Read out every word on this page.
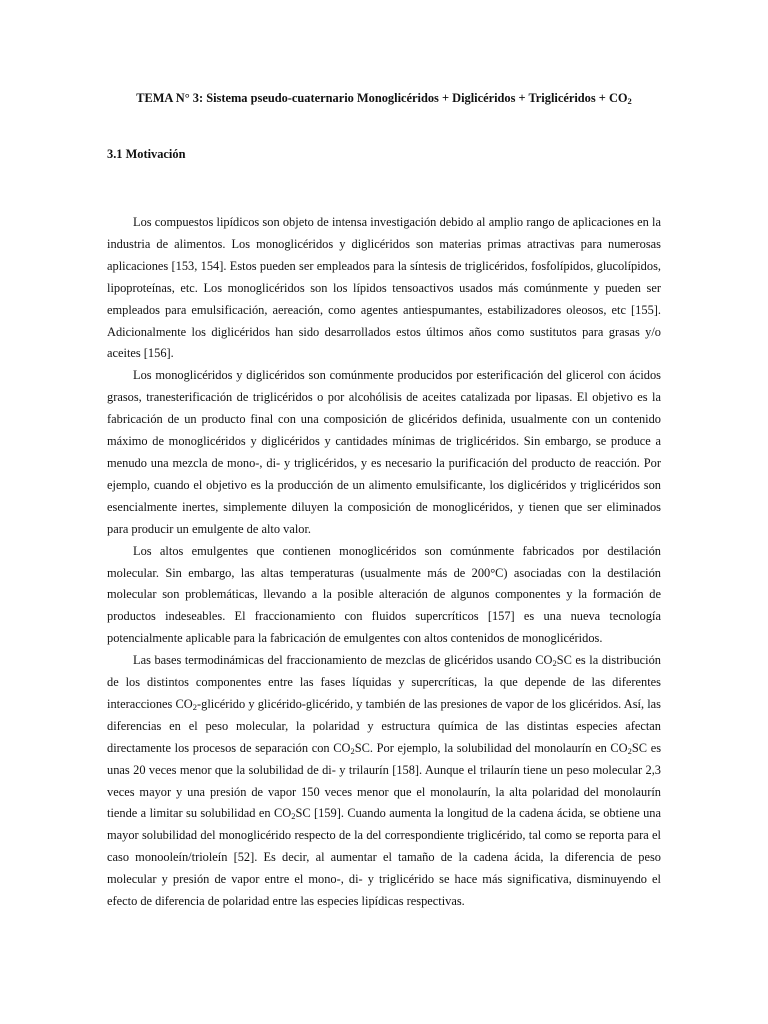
TEMA N° 3: Sistema pseudo-cuaternario Monoglicéridos + Diglicéridos + Triglicéridos + $CO_2$
3.1 Motivación

Los compuestos lipídicos son objeto de intensa investigación debido al amplio rango de aplicaciones en la industria de alimentos. Los monoglicéridos y diglicéridos son materias primas atractivas para numerosas aplicaciones [153, 154]. Estos pueden ser empleados para la síntesis de triglicéridos, fosfolípidos, glucolípidos, lipoproteínas, etc. Los monoglicéridos son los lípidos tensoactivos usados más comúnmente y pueden ser empleados para emulsificación, aereación, como agentes antiespumantes, estabilizadores oleosos, etc [155]. Adicionalmente los diglicéridos han sido desarrollados estos últimos años como sustitutos para grasas y/o aceites [156].

Los monoglicéridos y diglicéridos son comúnmente producidos por esterificación del glicerol con ácidos grasos, tranesterificación de triglicéridos o por alcohólisis de aceites catalizada por lipasas. El objetivo es la fabricación de un producto final con una composición de glicéridos definida, usualmente con un contenido máximo de monoglicéridos y diglicéridos y cantidades mínimas de triglicéridos. Sin embargo, se produce a menudo una mezcla de mono-, di- y triglicéridos, y es necesario la purificación del producto de reacción. Por ejemplo, cuando el objetivo es la producción de un alimento emulsificante, los diglicéridos y triglicéridos son esencialmente inertes, simplemente diluyen la composición de monoglicéridos, y tienen que ser eliminados para producir un emulgente de alto valor.

Los altos emulgentes que contienen monoglicéridos son comúnmente fabricados por destilación molecular. Sin embargo, las altas temperaturas (usualmente más de 200°C) asociadas con la destilación molecular son problemáticas, llevando a la posible alteración de algunos componentes y la formación de productos indeseables. El fraccionamiento con fluidos supercríticos [157] es una nueva tecnología potencialmente aplicable para la fabricación de emulgentes con altos contenidos de monoglicéridos.

Las bases termodinámicas del fraccionamiento de mezclas de glicéridos usando $CO_2SC$ es la distribución de los distintos componentes entre las fases líquidas y supercríticas, la que depende de las diferentes interacciones $CO_2$-glicérido y glicérido-glicérido, y también de las presiones de vapor de los glicéridos. Así, las diferencias en el peso molecular, la polaridad y estructura química de las distintas especies afectan directamente los procesos de separación con $CO_2SC$. Por ejemplo, la solubilidad del monolaurín en $CO_2SC$ es unas 20 veces menor que la solubilidad de di- y trilaurín [158]. Aunque el trilaurín tiene un peso molecular 2,3 veces mayor y una presión de vapor 150 veces menor que el monolaurín, la alta polaridad del monolaurín tiende a limitar su solubilidad en $CO_2SC$ [159]. Cuando aumenta la longitud de la cadena ácida, se obtiene una mayor solubilidad del monoglicérido respecto de la del correspondiente triglicérido, tal como se reporta para el caso monooleín/trioleín [52]. Es decir, al aumentar el tamaño de la cadena ácida, la diferencia de peso molecular y presión de vapor entre el mono-, di- y triglicérido se hace más significativa, disminuyendo el efecto de diferencia de polaridad entre las especies lipídicas respectivas.
